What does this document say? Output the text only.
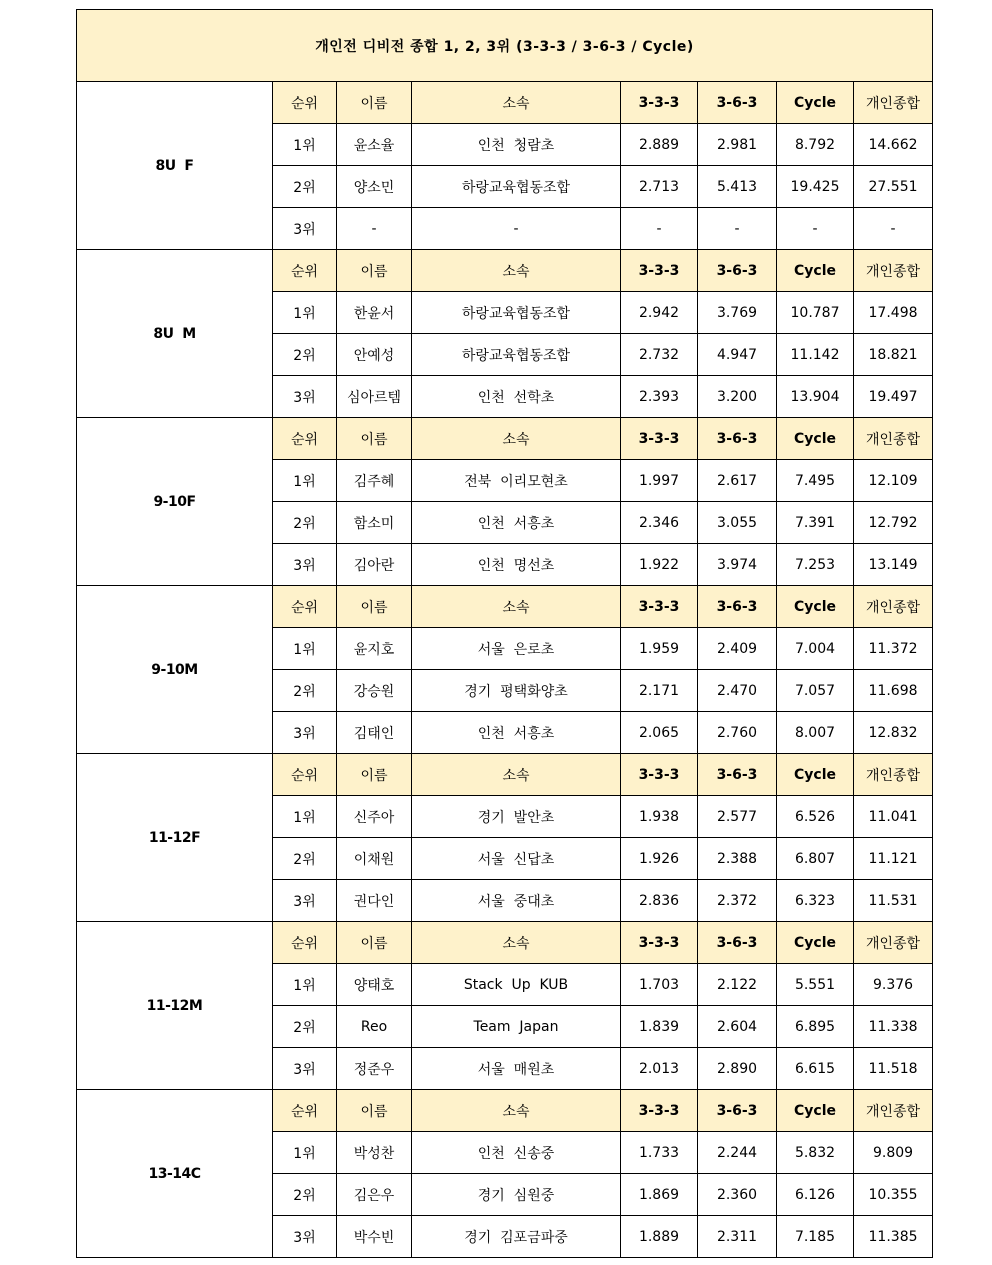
개인전 디비전 종합 1, 2, 3위 (3-3-3 / 3-6-3 / Cycle)							
8U  F	순위	이름	소속	3-3-3	3-6-3	Cycle	개인종합
	1위	윤소율	인천  청람초	2.889	2.981	8.792	14.662
	2위	양소민	하랑교육협동조합	2.713	5.413	19.425	27.551
	3위	-	-	-	-	-	-
8U  M	순위	이름	소속	3-3-3	3-6-3	Cycle	개인종합
	1위	한윤서	하랑교육협동조합	2.942	3.769	10.787	17.498
	2위	안예성	하랑교육협동조합	2.732	4.947	11.142	18.821
	3위	심아르템	인천  선학초	2.393	3.200	13.904	19.497
9-10F	순위	이름	소속	3-3-3	3-6-3	Cycle	개인종합
	1위	김주혜	전북  이리모현초	1.997	2.617	7.495	12.109
	2위	함소미	인천  서흥초	2.346	3.055	7.391	12.792
	3위	김아란	인천  명선초	1.922	3.974	7.253	13.149
9-10M	순위	이름	소속	3-3-3	3-6-3	Cycle	개인종합
	1위	윤지호	서울  은로초	1.959	2.409	7.004	11.372
	2위	강승원	경기  평택화양초	2.171	2.470	7.057	11.698
	3위	김태인	인천  서흥초	2.065	2.760	8.007	12.832
11-12F	순위	이름	소속	3-3-3	3-6-3	Cycle	개인종합
	1위	신주아	경기  발안초	1.938	2.577	6.526	11.041
	2위	이채원	서울  신답초	1.926	2.388	6.807	11.121
	3위	권다인	서울  중대초	2.836	2.372	6.323	11.531
11-12M	순위	이름	소속	3-3-3	3-6-3	Cycle	개인종합
	1위	양태호	Stack  Up  KUB	1.703	2.122	5.551	9.376
	2위	Reo	Team  Japan	1.839	2.604	6.895	11.338
	3위	정준우	서울  매원초	2.013	2.890	6.615	11.518
13-14C	순위	이름	소속	3-3-3	3-6-3	Cycle	개인종합
	1위	박성찬	인천  신송중	1.733	2.244	5.832	9.809
	2위	김은우	경기  심원중	1.869	2.360	6.126	10.355
	3위	박수빈	경기  김포금파중	1.889	2.311	7.185	11.385
